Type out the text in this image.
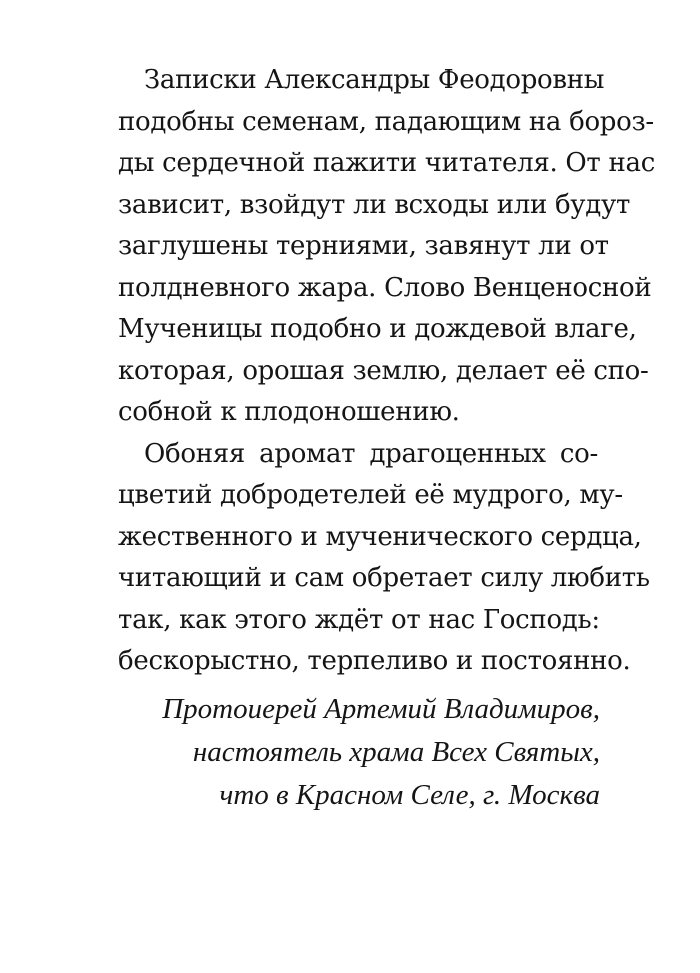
Записки Александры Феодоровны
подобны семенам, падающим на бороз-
ды сердечной пажити читателя. От нас
зависит, взойдут ли всходы или будут
заглушены терниями, завянут ли от
полдневного жара. Слово Венценосной
Мученицы подобно и дождевой влаге,
которая, орошая землю, делает её спо-
собной к плодоношению.
Обоняя аромат драгоценных со-
цветий добродетелей её мудрого, му-
жественного и мученического сердца,
читающий и сам обретает силу любить
так, как этого ждёт от нас Господь:
бескорыстно, терпеливо и постоянно.
Протоиерей Артемий Владимиров,
настоятель храма Всех Святых,
что в Красном Селе, г. Москва
